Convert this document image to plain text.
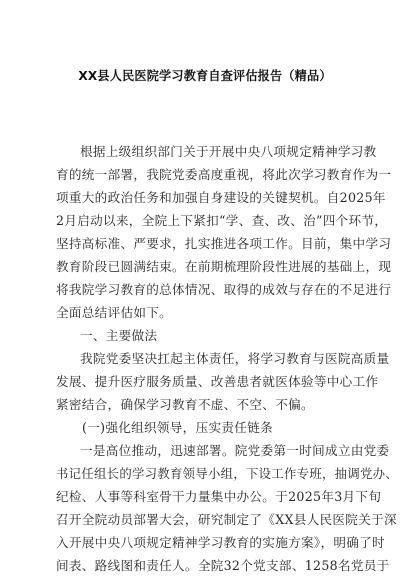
XX县人民医院学习教育自查评估报告（精品）
根据上级组织部门关于开展中央八项规定精神学习教
育的统一部署，我院党委高度重视，将此次学习教育作为一
项重大的政治任务和加强自身建设的关键契机。自2025年
2月启动以来，全院上下紧扣“学、查、改、治”四个环节，
坚持高标准、严要求，扎实推进各项工作。目前，集中学习
教育阶段已圆满结束。在前期梳理阶段性进展的基础上，现
将我院学习教育的总体情况、取得的成效与存在的不足进行
全面总结评估如下。
一、主要做法
我院党委坚决扛起主体责任，将学习教育与医院高质量
发展、提升医疗服务质量、改善患者就医体验等中心工作
紧密结合，确保学习教育不虚、不空、不偏。
(一)强化组织领导，压实责任链条
一是高位推动，迅速部署。院党委第一时间成立由党委
书记任组长的学习教育领导小组，下设工作专班，抽调党办、
纪检、人事等科室骨干力量集中办公。于2025年3月下旬
召开全院动员部署大会，研究制定了《XX县人民医院关于深
入开展中央八项规定精神学习教育的实施方案》，明确了时
间表、路线图和责任人。全院32个党支部、1258名党员于
